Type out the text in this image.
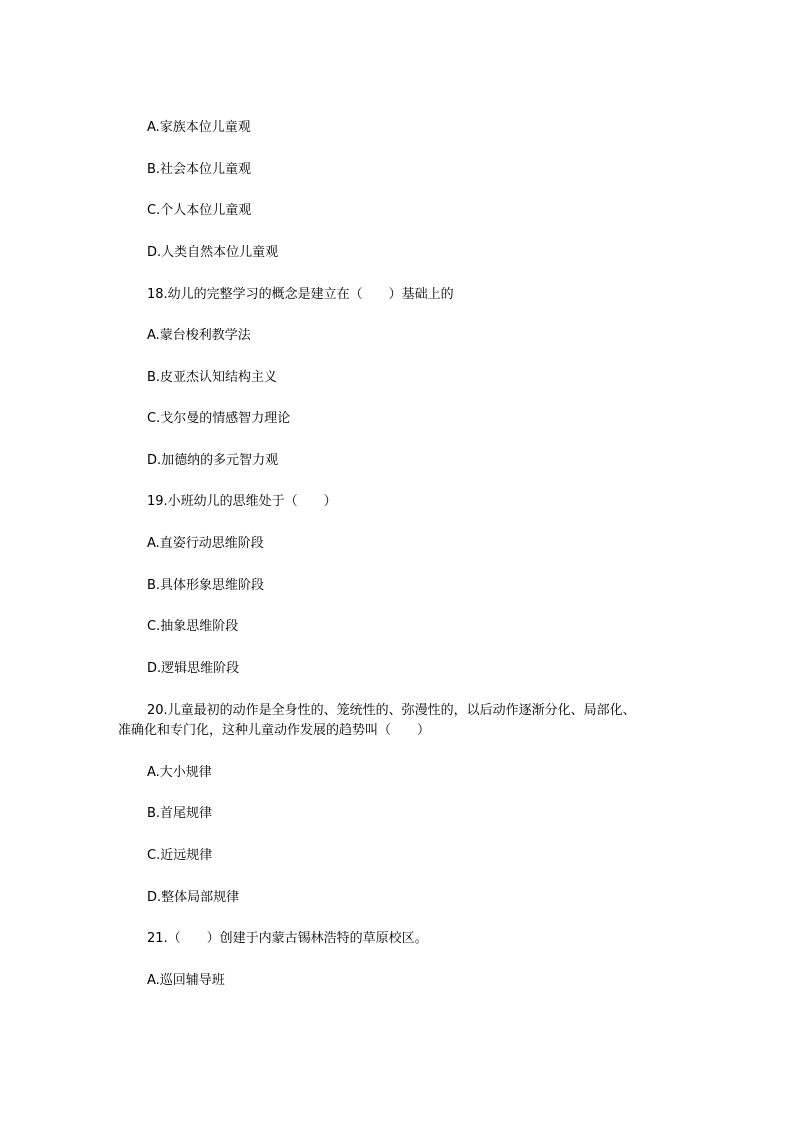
A.家族本位儿童观
B.社会本位儿童观
C.个人本位儿童观
D.人类自然本位儿童观
18.幼儿的完整学习的概念是建立在（　　）基础上的
A.蒙台梭利教学法
B.皮亚杰认知结构主义
C.戈尔曼的情感智力理论
D.加德纳的多元智力观
19.小班幼儿的思维处于（　　）
A.直姿行动思维阶段
B.具体形象思维阶段
C.抽象思维阶段
D.逻辑思维阶段
20.儿童最初的动作是全身性的、笼统性的、弥漫性的，以后动作逐渐分化、局部化、
准确化和专门化，这种儿童动作发展的趋势叫（　　）
A.大小规律
B.首尾规律
C.近远规律
D.整体局部规律
21.（　　）创建于内蒙古锡林浩特的草原校区。
A.巡回辅导班
